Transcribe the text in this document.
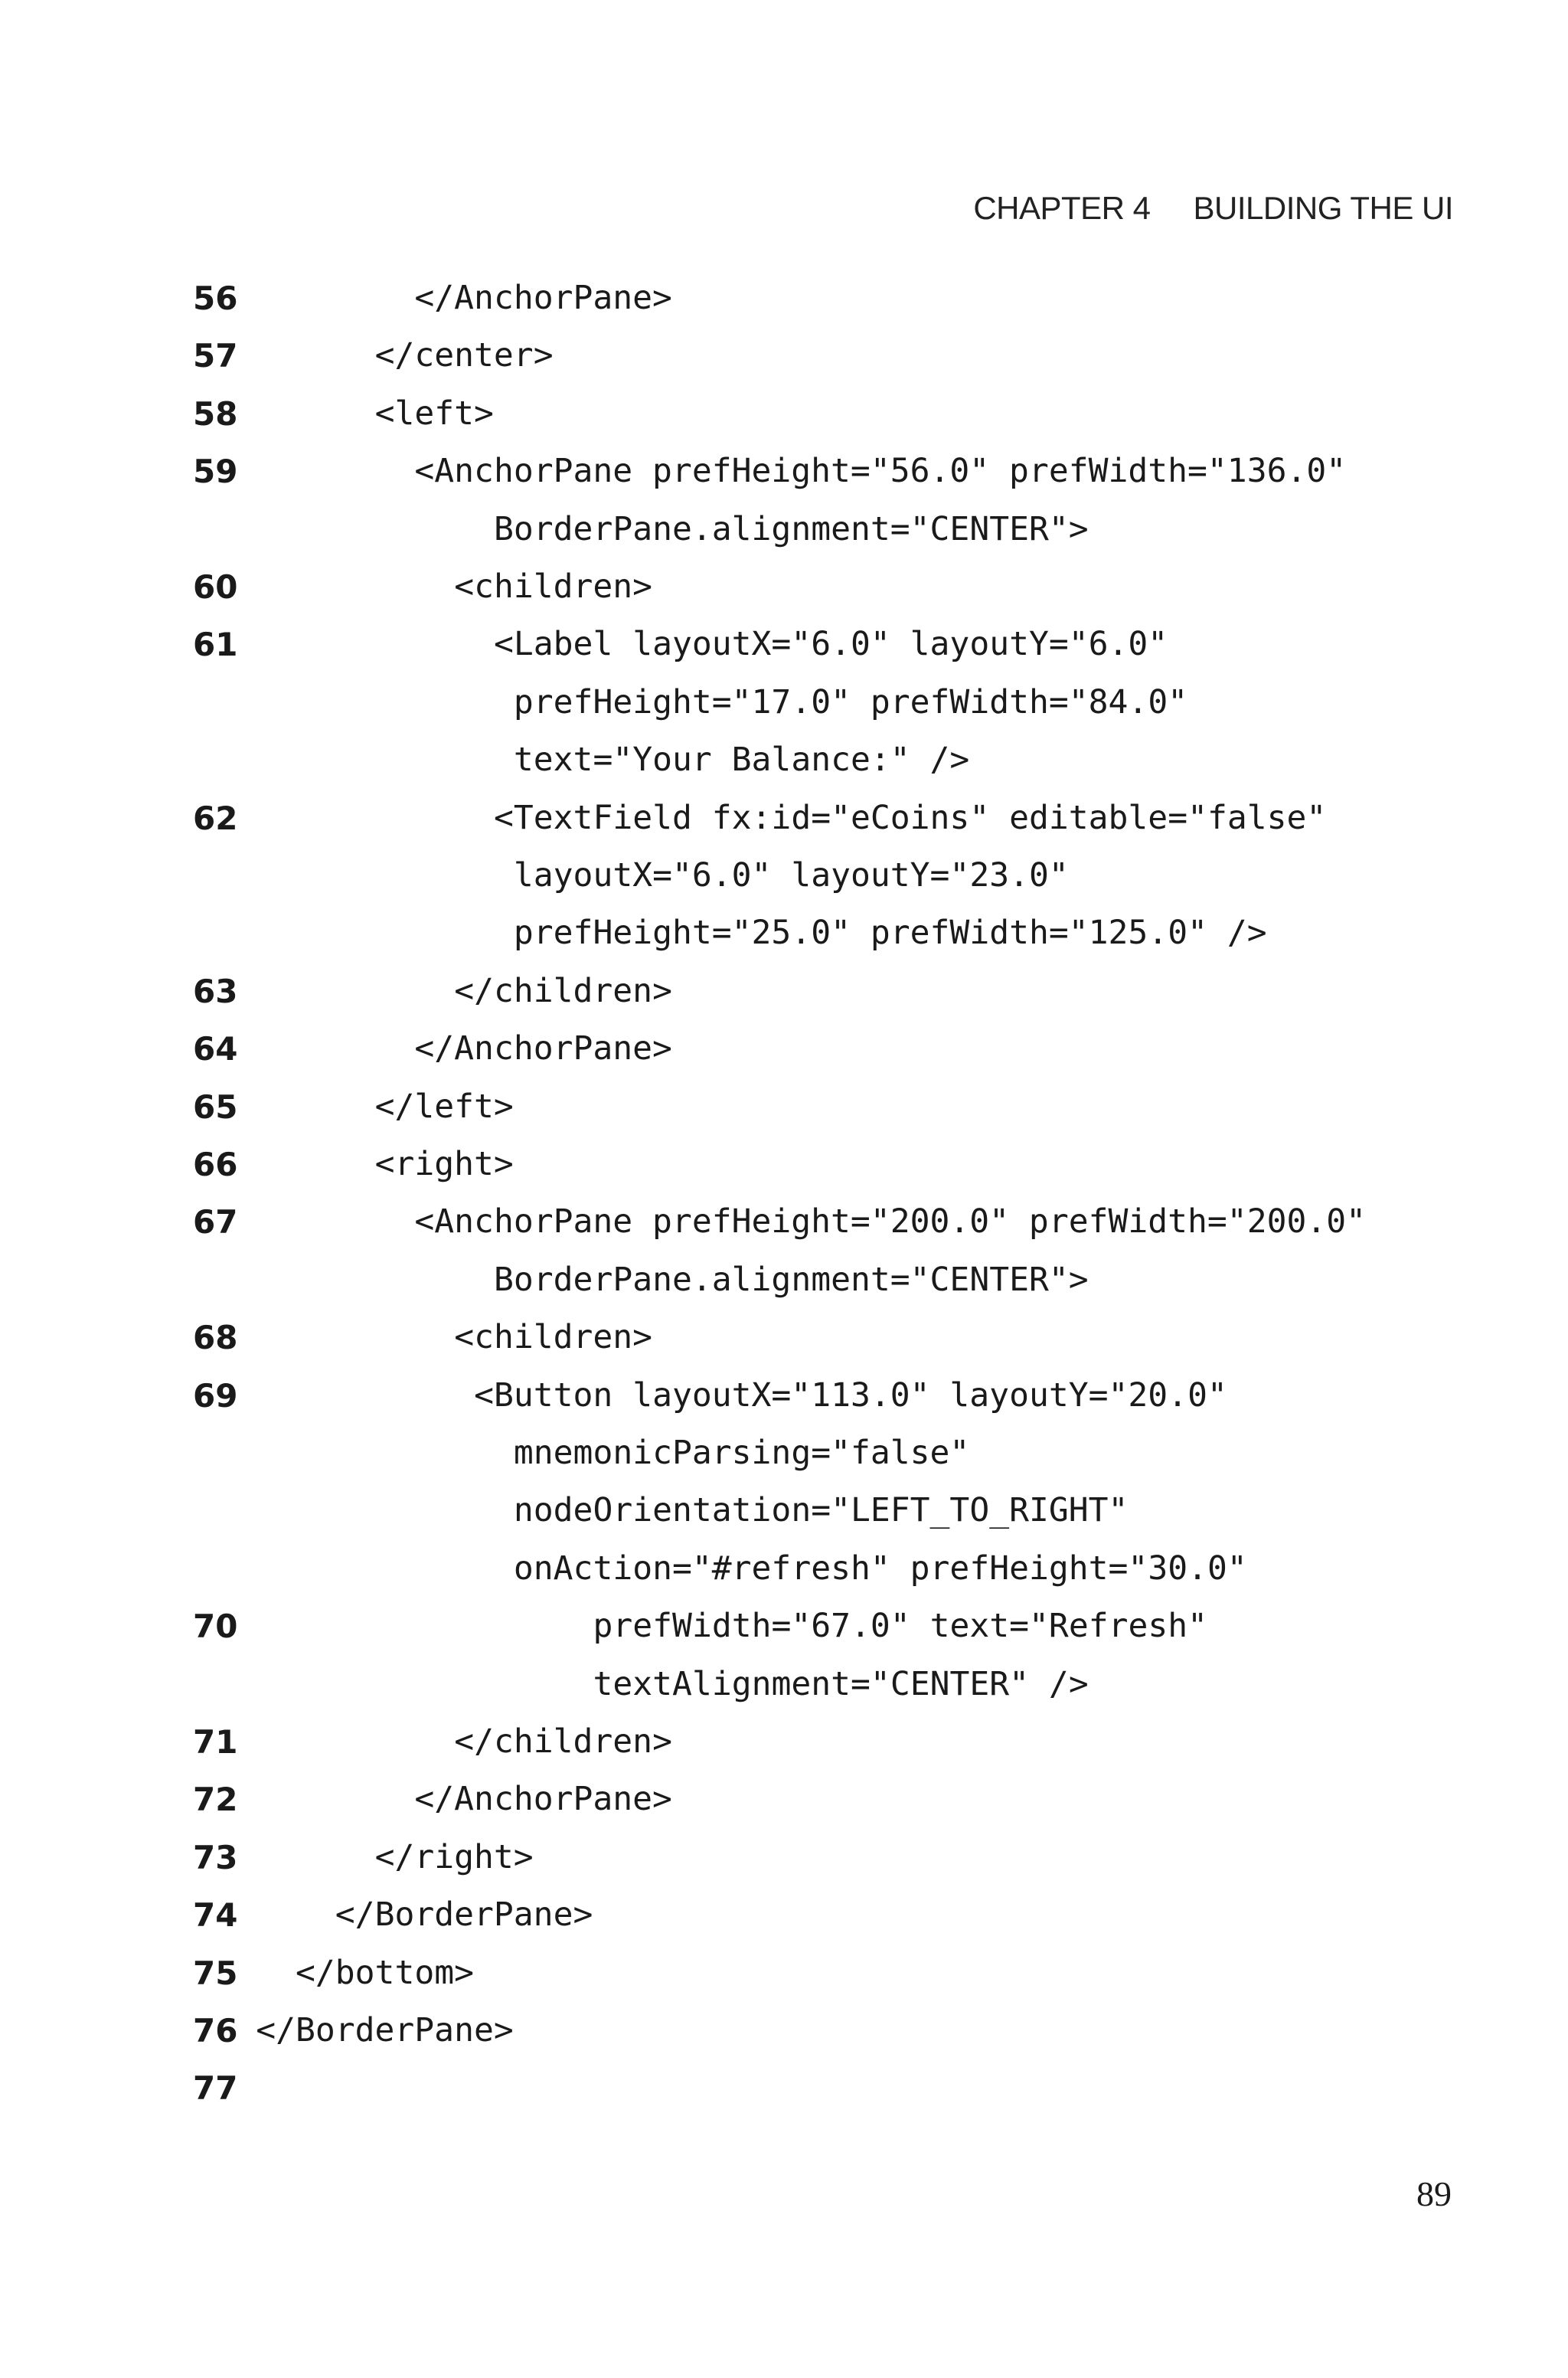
CHAPTER 4 BUILDING THE UI
56	</AnchorPane>
57	</center>
58	<left>
59	<AnchorPane prefHeight="56.0" prefWidth="136.0"
BorderPane.alignment="CENTER">
60	<children>
61	<Label layoutX="6.0" layoutY="6.0"
prefHeight="17.0" prefWidth="84.0"
text="Your Balance:" />
62	<TextField fx:id="eCoins" editable="false"
layoutX="6.0" layoutY="23.0"
prefHeight="25.0" prefWidth="125.0" />
63	</children>
64	</AnchorPane>
65	</left>
66	<right>
67	<AnchorPane prefHeight="200.0" prefWidth="200.0"
BorderPane.alignment="CENTER">
68	<children>
69	<Button layoutX="113.0" layoutY="20.0"
mnemonicParsing="false"
nodeOrientation="LEFT_TO_RIGHT"
onAction="#refresh" prefHeight="30.0"
70	prefWidth="67.0" text="Refresh"
textAlignment="CENTER" />
71	</children>
72	</AnchorPane>
73	</right>
74	</BorderPane>
75 </bottom>
76 </BorderPane>
77
89
